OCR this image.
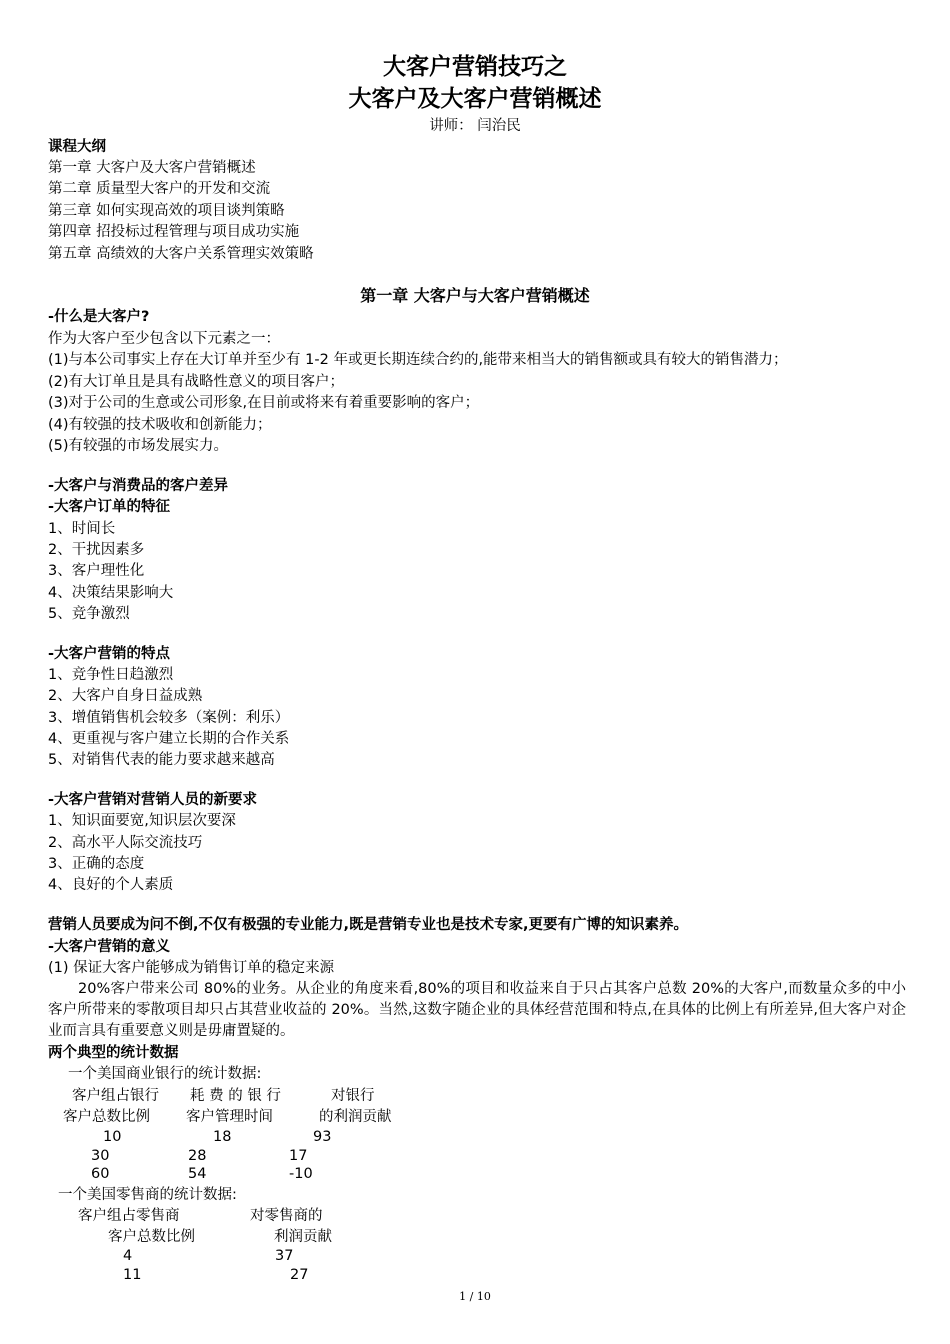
大客户营销技巧之
大客户及大客户营销概述
讲师： 闫治民
课程大纲
第一章 大客户及大客户营销概述
第二章 质量型大客户的开发和交流
第三章 如何实现高效的项目谈判策略
第四章 招投标过程管理与项目成功实施
第五章 高绩效的大客户关系管理实效策略
第一章 大客户与大客户营销概述
-什么是大客户?
作为大客户至少包含以下元素之一：
(1)与本公司事实上存在大订单并至少有 1-2 年或更长期连续合约的,能带来相当大的销售额或具有较大的销售潜力；
(2)有大订单且是具有战略性意义的项目客户；
(3)对于公司的生意或公司形象,在目前或将来有着重要影响的客户；
(4)有较强的技术吸收和创新能力；
(5)有较强的市场发展实力。
-大客户与消费品的客户差异
-大客户订单的特征
1、时间长
2、干扰因素多
3、客户理性化
4、决策结果影响大
5、竞争激烈
-大客户营销的特点
1、竞争性日趋激烈
2、大客户自身日益成熟
3、增值销售机会较多（案例：利乐）
4、更重视与客户建立长期的合作关系
5、对销售代表的能力要求越来越高
-大客户营销对营销人员的新要求
1、知识面要宽,知识层次要深
2、高水平人际交流技巧
3、正确的态度
4、良好的个人素质
营销人员要成为问不倒,不仅有极强的专业能力,既是营销专业也是技术专家,更要有广博的知识素养。
-大客户营销的意义
(1) 保证大客户能够成为销售订单的稳定来源
20%客户带来公司 80%的业务。从企业的角度来看,80%的项目和收益来自于只占其客户总数 20%的大客户,而数量众多的中小客户所带来的零散项目却只占其营业收益的 20%。当然,这数字随企业的具体经营范围和特点,在具体的比例上有所差异,但大客户对企业而言具有重要意义则是毋庸置疑的。
两个典型的统计数据
一个美国商业银行的统计数据:
客户组占银行 耗 费 的 银 行	对银行
客户总数比例 客户管理时间	的利润贡献
10	18	93
30	28	17
60	54	-10
一个美国零售商的统计数据:
客户组占零售商	对零售商的
客户总数比例	利润贡献
4	37
11	27
1 / 10
